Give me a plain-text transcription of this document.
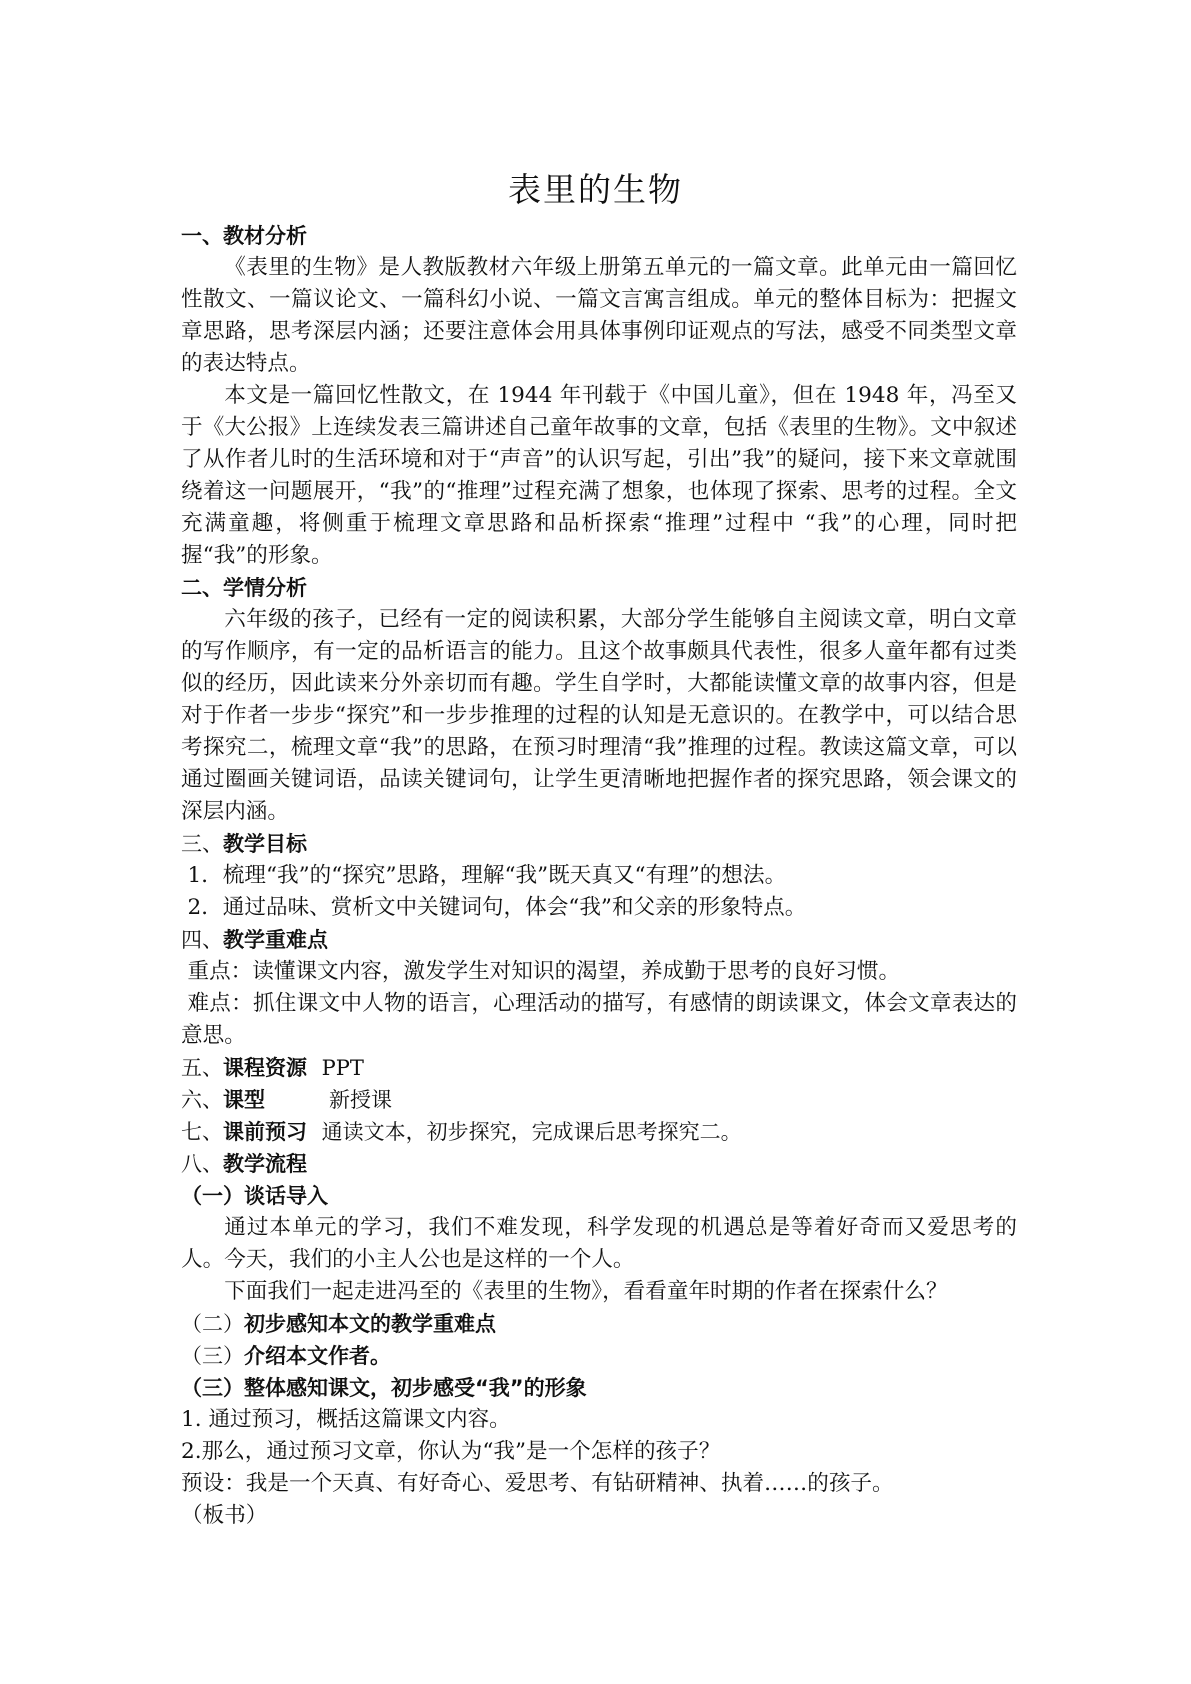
表里的生物

一、教材分析

《表里的生物》是人教版教材六年级上册第五单元的一篇文章。此单元由一篇回忆性散文、一篇议论文、一篇科幻小说、一篇文言寓言组成。单元的整体目标为：把握文章思路，思考深层内涵；还要注意体会用具体事例印证观点的写法，感受不同类型文章的表达特点。

本文是一篇回忆性散文，在 1944 年刊载于《中国儿童》，但在 1948 年，冯至又于《大公报》上连续发表三篇讲述自己童年故事的文章，包括《表里的生物》。文中叙述了从作者儿时的生活环境和对于“声音”的认识写起，引出”我”的疑问，接下来文章就围绕着这一问题展开，“我”的“推理”过程充满了想象，也体现了探索、思考的过程。全文充满童趣，将侧重于梳理文章思路和品析探索“推理”过程中 “我”的心理，同时把握“我”的形象。

二、学情分析

六年级的孩子，已经有一定的阅读积累，大部分学生能够自主阅读文章，明白文章的写作顺序，有一定的品析语言的能力。且这个故事颇具代表性，很多人童年都有过类似的经历，因此读来分外亲切而有趣。学生自学时，大都能读懂文章的故事内容，但是对于作者一步步“探究”和一步步推理的过程的认知是无意识的。在教学中，可以结合思考探究二，梳理文章“我”的思路，在预习时理清“我”推理的过程。教读这篇文章，可以通过圈画关键词语，品读关键词句，让学生更清晰地把握作者的探究思路，领会课文的深层内涵。

三、教学目标

1．梳理“我”的“探究”思路，理解“我”既天真又“有理”的想法。

2．通过品味、赏析文中关键词句，体会“我”和父亲的形象特点。

四、教学重难点

重点：读懂课文内容，激发学生对知识的渴望，养成勤于思考的良好习惯。

难点：抓住课文中人物的语言，心理活动的描写，有感情的朗读课文，体会文章表达的意思。

五、课程资源 PPT

六、课型	新授课

七、课前预习 通读文本，初步探究，完成课后思考探究二。

八、教学流程

（一）谈话导入

通过本单元的学习，我们不难发现，科学发现的机遇总是等着好奇而又爱思考的人。今天，我们的小主人公也是这样的一个人。

下面我们一起走进冯至的《表里的生物》，看看童年时期的作者在探索什么？

（二）初步感知本文的教学重难点

（三）介绍本文作者。

（三）整体感知课文，初步感受“我”的形象

1. 通过预习，概括这篇课文内容。

2.那么，通过预习文章，你认为“我”是一个怎样的孩子？

预设：我是一个天真、有好奇心、爱思考、有钻研精神、执着……的孩子。

（板书）
